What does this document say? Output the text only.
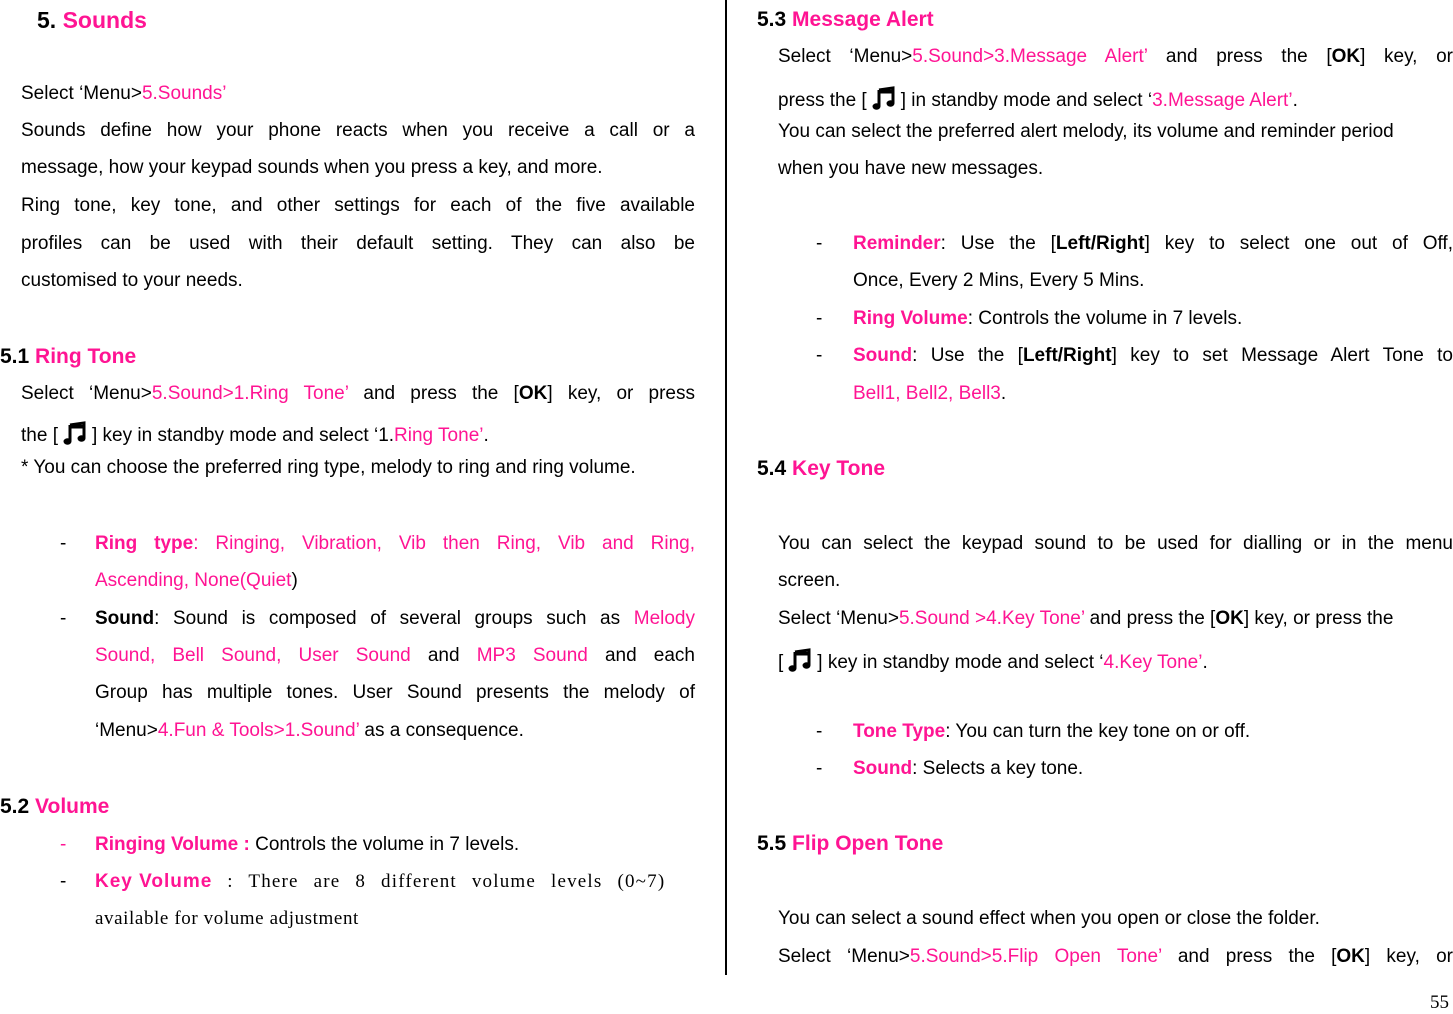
5. Sounds
Select ‘Menu>5.Sounds’
Sounds define how your phone reacts when you receive a call or a
message, how your keypad sounds when you press a key, and more.
Ring tone, key tone, and other settings for each of the five available
profiles can be used with their default setting. They can also be
customised to your needs.
5.1 Ring Tone
Select ‘Menu>5.Sound>1.Ring Tone’ and press the [OK] key, or press
the [ ] key in standby mode and select ‘1.Ring Tone’.
* You can choose the preferred ring type, melody to ring and ring volume.
- Ring type: Ringing, Vibration, Vib then Ring, Vib and Ring,
Ascending, None(Quiet)
- Sound: Sound is composed of several groups such as Melody
Sound, Bell Sound, User Sound and MP3 Sound and each
Group has multiple tones. User Sound presents the melody of
‘Menu>4.Fun & Tools>1.Sound’ as a consequence.
5.2 Volume
- Ringing Volume : Controls the volume in 7 levels.
- Key Volume : There are 8 different volume levels (0~7)
available for volume adjustment
5.3 Message Alert
Select ‘Menu>5.Sound>3.Message Alert’ and press the [OK] key, or
press the [ ] in standby mode and select ‘3.Message Alert’.
You can select the preferred alert melody, its volume and reminder period
when you have new messages.
- Reminder: Use the [Left/Right] key to select one out of Off,
Once, Every 2 Mins, Every 5 Mins.
- Ring Volume: Controls the volume in 7 levels.
- Sound: Use the [Left/Right] key to set Message Alert Tone to
Bell1, Bell2, Bell3.
5.4 Key Tone
You can select the keypad sound to be used for dialling or in the menu
screen.
Select ‘Menu>5.Sound >4.Key Tone’ and press the [OK] key, or press the
[ ] key in standby mode and select ‘4.Key Tone’.
- Tone Type: You can turn the key tone on or off.
- Sound: Selects a key tone.
5.5 Flip Open Tone
You can select a sound effect when you open or close the folder.
Select ‘Menu>5.Sound>5.Flip Open Tone’ and press the [OK] key, or
55
